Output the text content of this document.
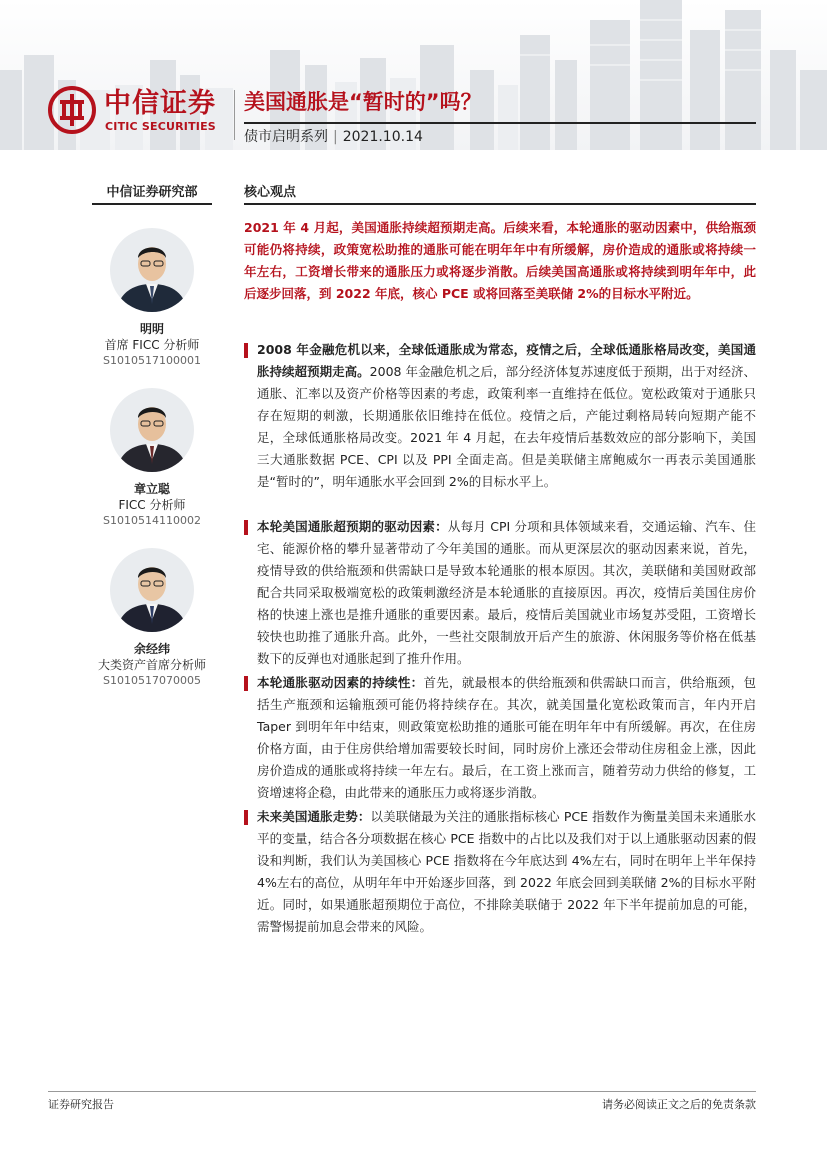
中信证券
CITIC SECURITIES
美国通胀是“暂时的”吗？
债市启明系列 | 2021.10.14
中信证券研究部	核心观点
明明
首席 FICC 分析师
S1010517100001
章立聪
FICC 分析师
S1010514110002
余经纬
大类资产首席分析师
S1010517070005

2021 年 4 月起，美国通胀持续超预期走高。后续来看，本轮通胀的驱动因素中，供给瓶颈可能仍将持续，政策宽松助推的通胀可能在明年年中有所缓解，房价造成的通胀或将持续一年左右，工资增长带来的通胀压力或将逐步消散。后续美国高通胀或将持续到明年年中，此后逐步回落，到 2022 年底，核心 PCE 或将回落至美联储 2%的目标水平附近。

2008 年金融危机以来，全球低通胀成为常态，疫情之后，全球低通胀格局改变，美国通胀持续超预期走高。2008 年金融危机之后，部分经济体复苏速度低于预期，出于对经济、通胀、汇率以及资产价格等因素的考虑，政策利率一直维持在低位。宽松政策对于通胀只存在短期的刺激，长期通胀依旧维持在低位。疫情之后，产能过剩格局转向短期产能不足，全球低通胀格局改变。2021 年 4 月起，在去年疫情后基数效应的部分影响下，美国三大通胀数据 PCE、CPI 以及 PPI 全面走高。但是美联储主席鲍威尔一再表示美国通胀是“暂时的”，明年通胀水平会回到 2%的目标水平上。

本轮美国通胀超预期的驱动因素：从每月 CPI 分项和具体领域来看，交通运输、汽车、住宅、能源价格的攀升显著带动了今年美国的通胀。而从更深层次的驱动因素来说，首先，疫情导致的供给瓶颈和供需缺口是导致本轮通胀的根本原因。其次，美联储和美国财政部配合共同采取极端宽松的政策刺激经济是本轮通胀的直接原因。再次，疫情后美国住房价格的快速上涨也是推升通胀的重要因素。最后，疫情后美国就业市场复苏受阻，工资增长较快也助推了通胀升高。此外，一些社交限制放开后产生的旅游、休闲服务等价格在低基数下的反弹也对通胀起到了推升作用。

本轮通胀驱动因素的持续性：首先，就最根本的供给瓶颈和供需缺口而言，供给瓶颈，包括生产瓶颈和运输瓶颈可能仍将持续存在。其次，就美国量化宽松政策而言，年内开启 Taper 到明年年中结束，则政策宽松助推的通胀可能在明年年中有所缓解。再次，在住房价格方面，由于住房供给增加需要较长时间，同时房价上涨还会带动住房租金上涨，因此房价造成的通胀或将持续一年左右。最后，在工资上涨而言，随着劳动力供给的修复，工资增速将企稳，由此带来的通胀压力或将逐步消散。

未来美国通胀走势：以美联储最为关注的通胀指标核心 PCE 指数作为衡量美国未来通胀水平的变量，结合各分项数据在核心 PCE 指数中的占比以及我们对于以上通胀驱动因素的假设和判断，我们认为美国核心 PCE 指数将在今年底达到 4%左右，同时在明年上半年保持 4%左右的高位，从明年年中开始逐步回落，到 2022 年底会回到美联储 2%的目标水平附近。同时，如果通胀超预期位于高位，不排除美联储于 2022 年下半年提前加息的可能，需警惕提前加息会带来的风险。

证券研究报告	请务必阅读正文之后的免责条款
